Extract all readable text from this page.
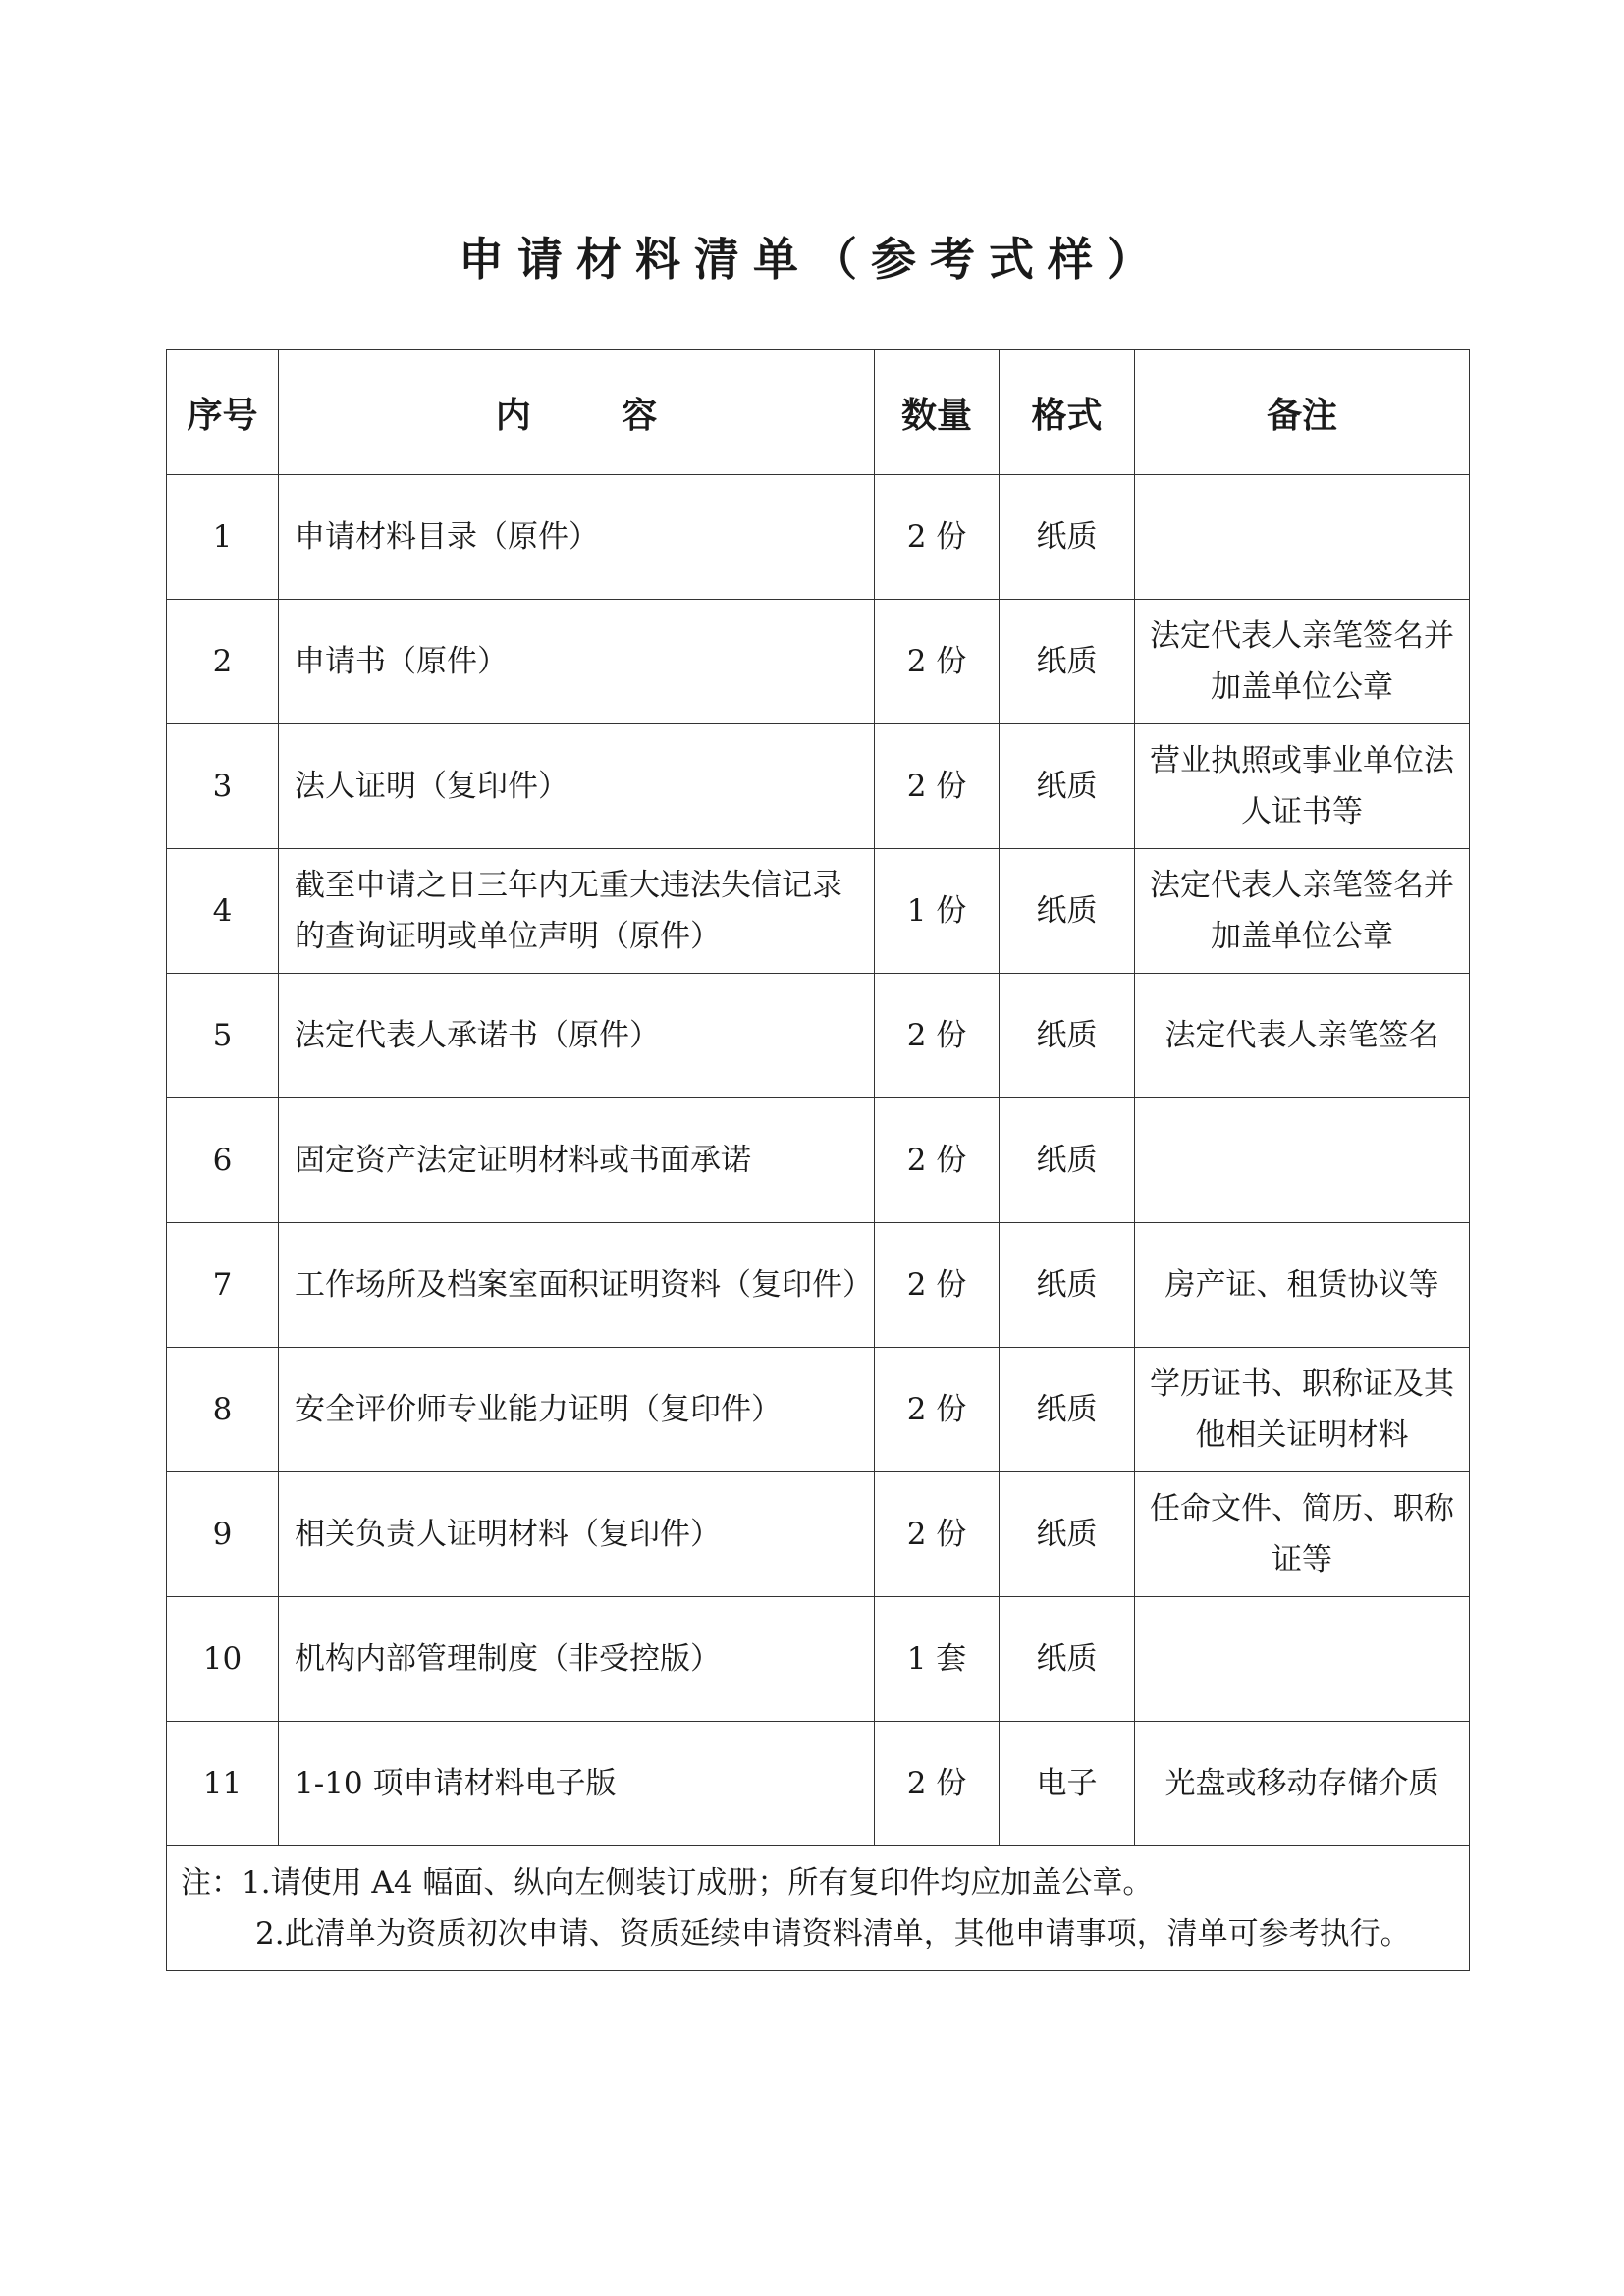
申请材料清单（参考式样）
序号	内 容	数量	格式	备注
1	申请材料目录（原件）	2 份	纸质	
2	申请书（原件）	2 份	纸质	法定代表人亲笔签名并加盖单位公章
3	法人证明（复印件）	2 份	纸质	营业执照或事业单位法人证书等
4	截至申请之日三年内无重大违法失信记录的查询证明或单位声明（原件）	1 份	纸质	法定代表人亲笔签名并加盖单位公章
5	法定代表人承诺书（原件）	2 份	纸质	法定代表人亲笔签名
6	固定资产法定证明材料或书面承诺	2 份	纸质	
7	工作场所及档案室面积证明资料（复印件）	2 份	纸质	房产证、租赁协议等
8	安全评价师专业能力证明（复印件）	2 份	纸质	学历证书、职称证及其他相关证明材料
9	相关负责人证明材料（复印件）	2 份	纸质	任命文件、简历、职称证等
10	机构内部管理制度（非受控版）	1 套	纸质	
11	1-10 项申请材料电子版	2 份	电子	光盘或移动存储介质
注：1.请使用 A4 幅面、纵向左侧装订成册；所有复印件均应加盖公章。
2.此清单为资质初次申请、资质延续申请资料清单，其他申请事项，清单可参考执行。				
